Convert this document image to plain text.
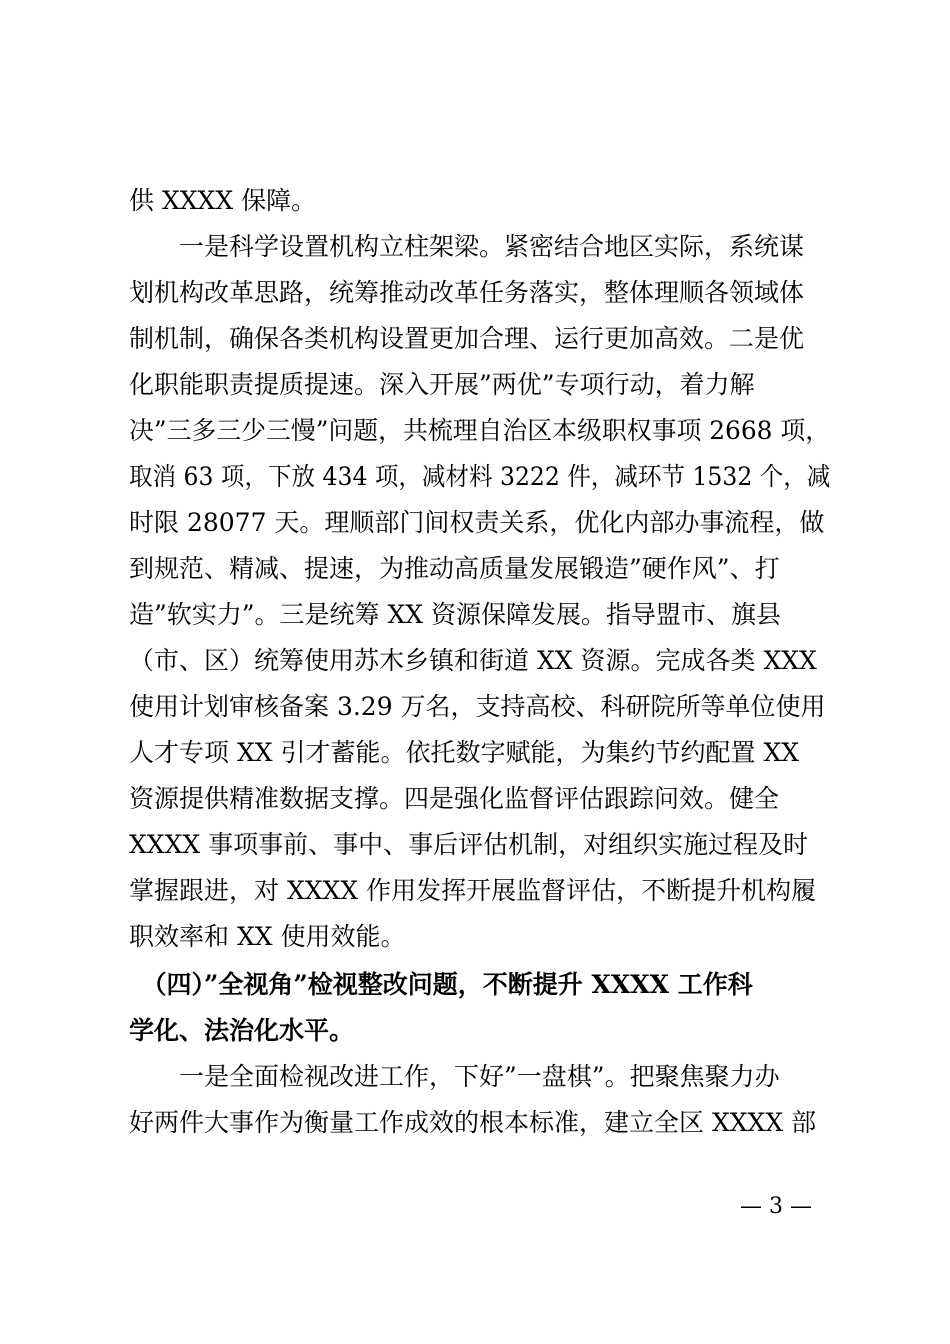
供 XXXX 保障。
　　一是科学设置机构立柱架梁。紧密结合地区实际，系统谋
划机构改革思路，统筹推动改革任务落实，整体理顺各领域体
制机制，确保各类机构设置更加合理、运行更加高效。二是优
化职能职责提质提速。深入开展”两优”专项行动，着力解
决”三多三少三慢”问题，共梳理自治区本级职权事项 2668 项，
取消 63 项，下放 434 项，减材料 3222 件，减环节 1532 个，减
时限 28077 天。理顺部门间权责关系，优化内部办事流程，做
到规范、精减、提速，为推动高质量发展锻造”硬作风”、打
造”软实力”。三是统筹 XX 资源保障发展。指导盟市、旗县
（市、区）统筹使用苏木乡镇和街道 XX 资源。完成各类 XXX
使用计划审核备案 3.29 万名，支持高校、科研院所等单位使用
人才专项 XX 引才蓄能。依托数字赋能，为集约节约配置 XX
资源提供精准数据支撑。四是强化监督评估跟踪问效。健全
XXXX 事项事前、事中、事后评估机制，对组织实施过程及时
掌握跟进，对 XXXX 作用发挥开展监督评估，不断提升机构履
职效率和 XX 使用效能。
　（四）”全视角”检视整改问题，不断提升 XXXX 工作科
学化、法治化水平。
　　一是全面检视改进工作，下好”一盘棋”。把聚焦聚力办
好两件大事作为衡量工作成效的根本标准，建立全区 XXXX 部
— 3 —
